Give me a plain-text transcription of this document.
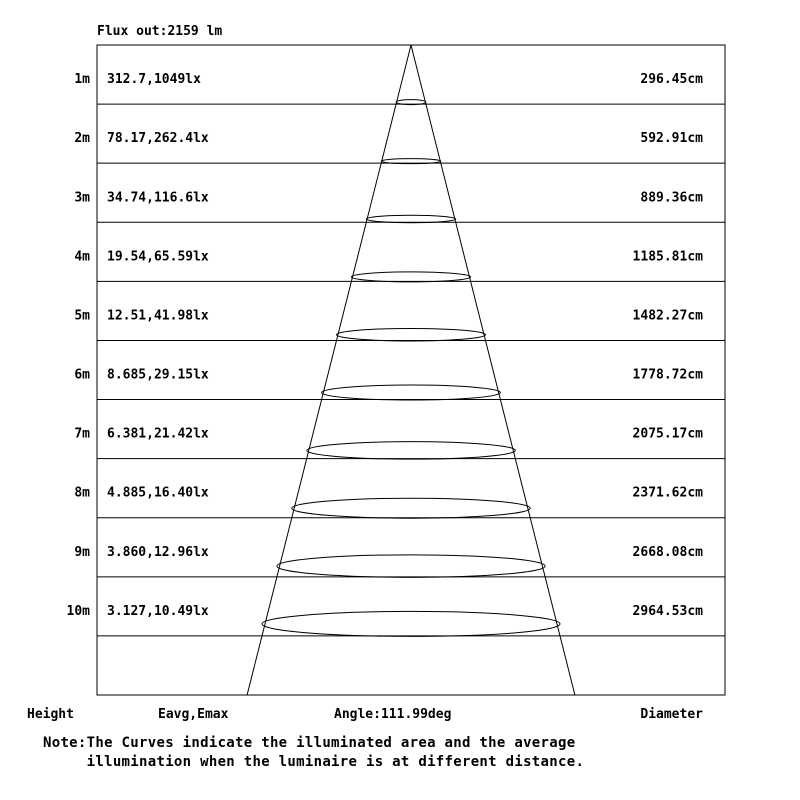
1m 312.7,1049lx	296.45cm
2m 78.17,262.4lx	592.91cm
3m 34.74,116.6lx	889.36cm
4m 19.54,65.59lx	1185.81cm
5m 12.51,41.98lx	1482.27cm
6m 8.685,29.15lx	1778.72cm
7m 6.381,21.42lx	2075.17cm
8m 4.885,16.40lx	2371.62cm
9m 3.860,12.96lx	2668.08cm
10m 3.127,10.49lx	2964.53cm
Flux out:2159 lm
Height	Eavg,Emax	Angle:111.99deg	Diameter
Note:The Curves indicate the illuminated area and the average
illumination when the luminaire is at different distance.
